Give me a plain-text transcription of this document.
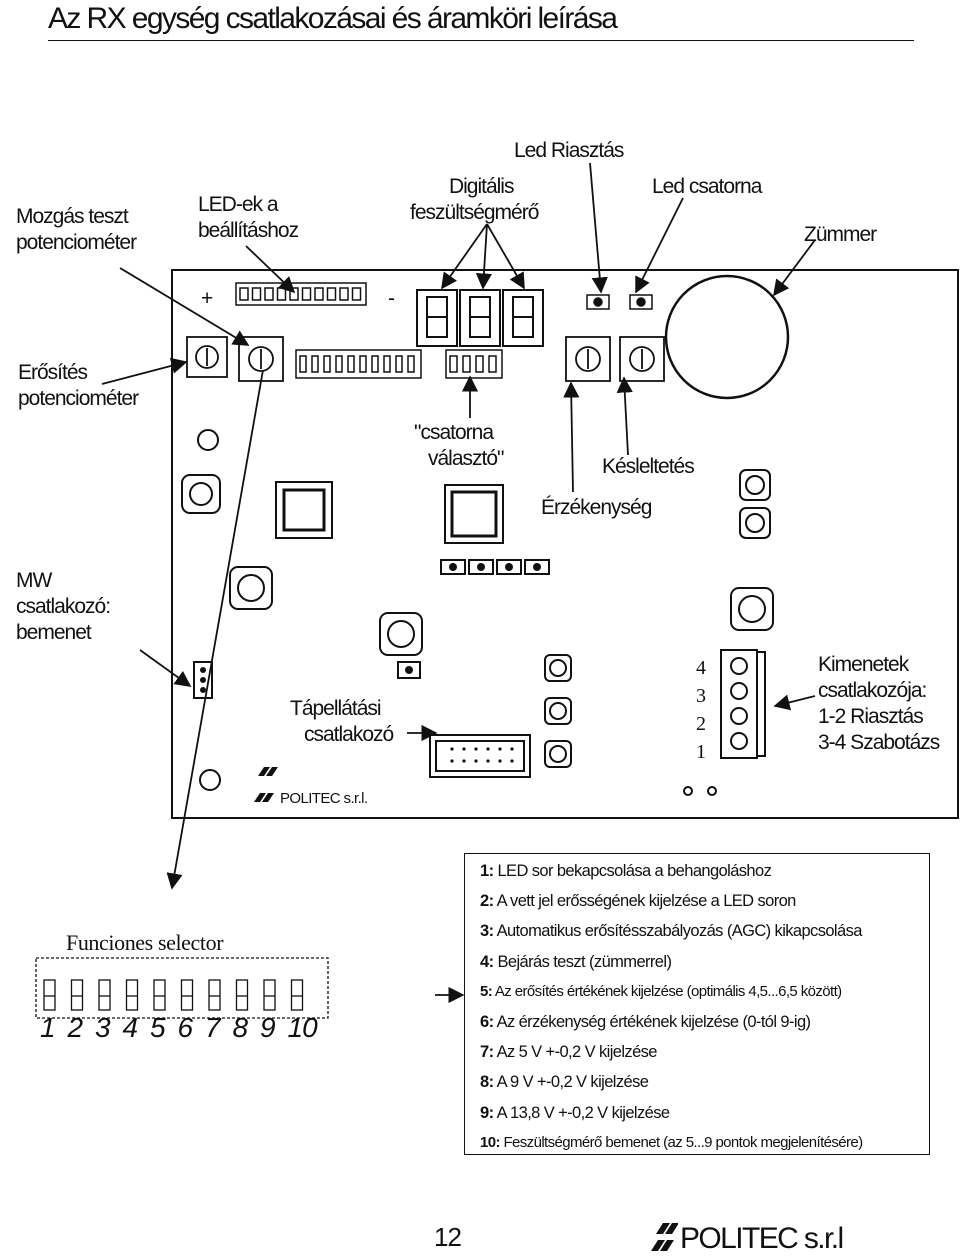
Az RX egység csatlakozásai és áramköri leírása
Mozgás teszt
potenciométer
LED-ek a
beállításhoz
Digitális
feszültségmérő
Led Riasztás
Led csatorna
Zümmer
Erősítés
potenciométer
"csatorna
választó"	Késleltetés
Érzékenység
MW
csatlakozó:
bemenet
Tápellátási
csatlakozó
Kimenetek
csatlakozója:
1-2 Riasztás
3-4 Szabotázs
+	-
4
3
2
1
POLITEC s.r.l.
Funciones selector
1 2 3 4 5 6 7 8 9 10
1: LED sor bekapcsolása a behangoláshoz
2: A vett jel erősségének kijelzése a LED soron
3: Automatikus erősítésszabályozás (AGC) kikapcsolása
4: Bejárás teszt (zümmerrel)
5: Az erősítés értékének kijelzése (optimális 4,5...6,5 között)
6: Az érzékenység értékének kijelzése (0-tól 9-ig)
7: Az 5 V +-0,2 V kijelzése
8: A 9 V +-0,2 V kijelzése
9: A 13,8 V +-0,2 V kijelzése
10: Feszültségmérő bemenet (az 5...9 pontok megjelenítésére)
12	POLITEC s.r.l
